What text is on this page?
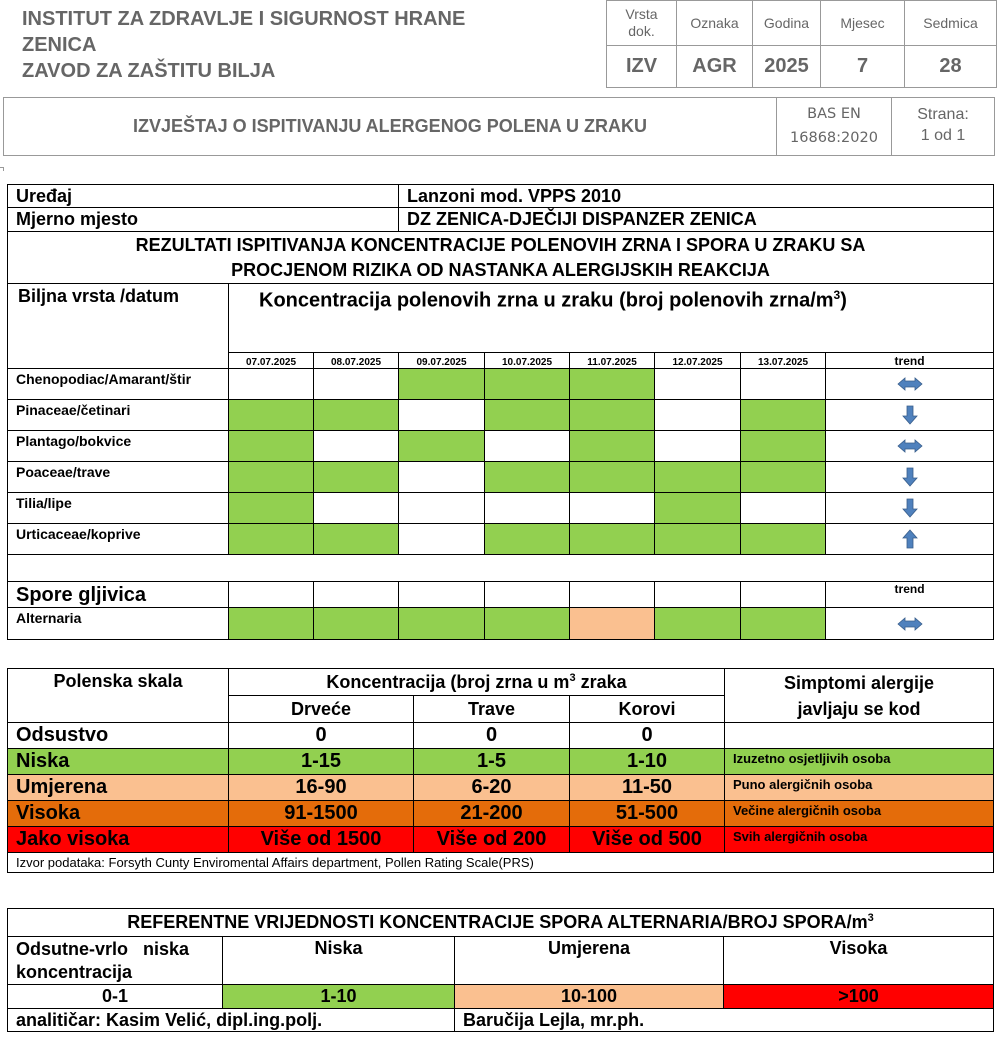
INSTITUT ZA ZDRAVLJE I SIGURNOST HRANE
ZENICA
ZAVOD ZA ZAŠTITU BILJA
Vrsta dok.	Oznaka	Godina	Mjesec	Sedmica
IZV	AGR	2025	7	28
IZVJEŠTAJ O ISPITIVANJU ALERGENOG POLENA U ZRAKU
BAS EN
16868:2020
Strana:
1 od 1
Uređaj			Lanzoni mod. VPPS 2010					
Mjerno mjesto			DZ ZENICA-DJEČIJI DISPANZER ZENICA					

REZULTATI ISPITIVANJA KONCENTRACIJE POLENOVIH ZRNA I SPORA U ZRAKU SA
PROCJENOM RIZIKA OD NASTANKA ALERGIJSKIH REAKCIJA								

Biljna vrsta /datum	Koncentracija polenovih zrna u zraku (broj polenovih zrna/$m^3$)							
	07.07.2025	08.07.2025	09.07.2025	10.07.2025	11.07.2025	12.07.2025	13.07.2025	trend
Chenopodiac/Amarant/štir								

Pinaceae/četinari								

Plantago/bokvice								

Poaceae/trave								

Tilia/lipe								

Urticaceae/koprive								

Spore gljivica								trend
Alternaria								
Polenska skala	Koncentracija (broj zrna u $m^3$ zraka			Simptomi alergije
javljaju se kod

	Drveće	Trave	Korovi	
Odsustvo	0	0	0	
Niska	1-15	1-5	1-10	Izuzetno osjetljivih osoba
Umjerena	16-90	6-20	11-50	Puno alergičnih osoba
Visoka	91-1500	21-200	51-500	Večine alergičnih osoba
Jako visoka	Više od 1500	Više od 200	Više od 500	Svih alergičnih osoba
Izvor podataka: Forsyth Cunty Enviromental Affairs department, Pollen Rating Scale(PRS)				
REFERENTNE VRIJEDNOSTI KONCENTRACIJE SPORA ALTERNARIA/BROJ SPORA/$m^3$

Odsutne-vrlo   niska
koncentracija	Niska	Umjerena	Visoka
0-1	1-10	10-100	>100
analitičar: Kasim Velić, dipl.ing.polj.		Baručija Lejla, mr.ph.	
